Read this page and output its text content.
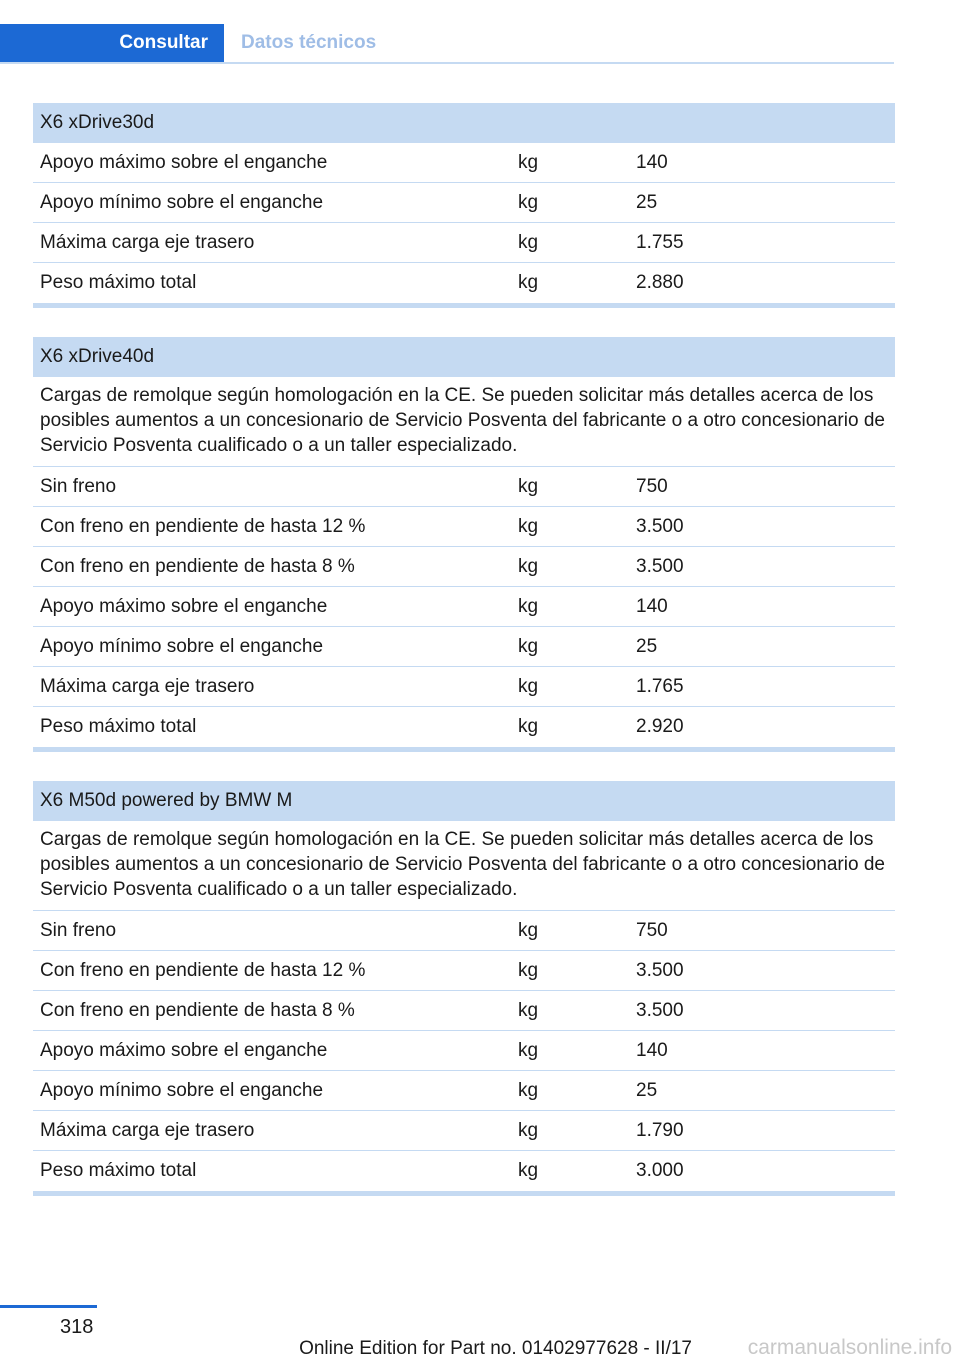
Consultar	Datos técnicos
X6 xDrive30d
Apoyo máximo sobre el enganche	kg	140
Apoyo mínimo sobre el enganche	kg	25
Máxima carga eje trasero	kg	1.755
Peso máximo total	kg	2.880
X6 xDrive40d
Cargas de remolque según homologación en la CE. Se pueden solicitar más detalles acerca de los posibles aumentos a un concesionario de Servicio Posventa del fabricante o a otro concesionario de Servicio Posventa cualificado o a un taller especializado.
Sin freno	kg	750
Con freno en pendiente de hasta 12 %	kg	3.500
Con freno en pendiente de hasta 8 %	kg	3.500
Apoyo máximo sobre el enganche	kg	140
Apoyo mínimo sobre el enganche	kg	25
Máxima carga eje trasero	kg	1.765
Peso máximo total	kg	2.920
X6 M50d powered by BMW M
Cargas de remolque según homologación en la CE. Se pueden solicitar más detalles acerca de los posibles aumentos a un concesionario de Servicio Posventa del fabricante o a otro concesionario de Servicio Posventa cualificado o a un taller especializado.
Sin freno	kg	750
Con freno en pendiente de hasta 12 %	kg	3.500
Con freno en pendiente de hasta 8 %	kg	3.500
Apoyo máximo sobre el enganche	kg	140
Apoyo mínimo sobre el enganche	kg	25
Máxima carga eje trasero	kg	1.790
Peso máximo total	kg	3.000
318
Online Edition for Part no. 01402977628 - II/17	carmanualsonline.info
